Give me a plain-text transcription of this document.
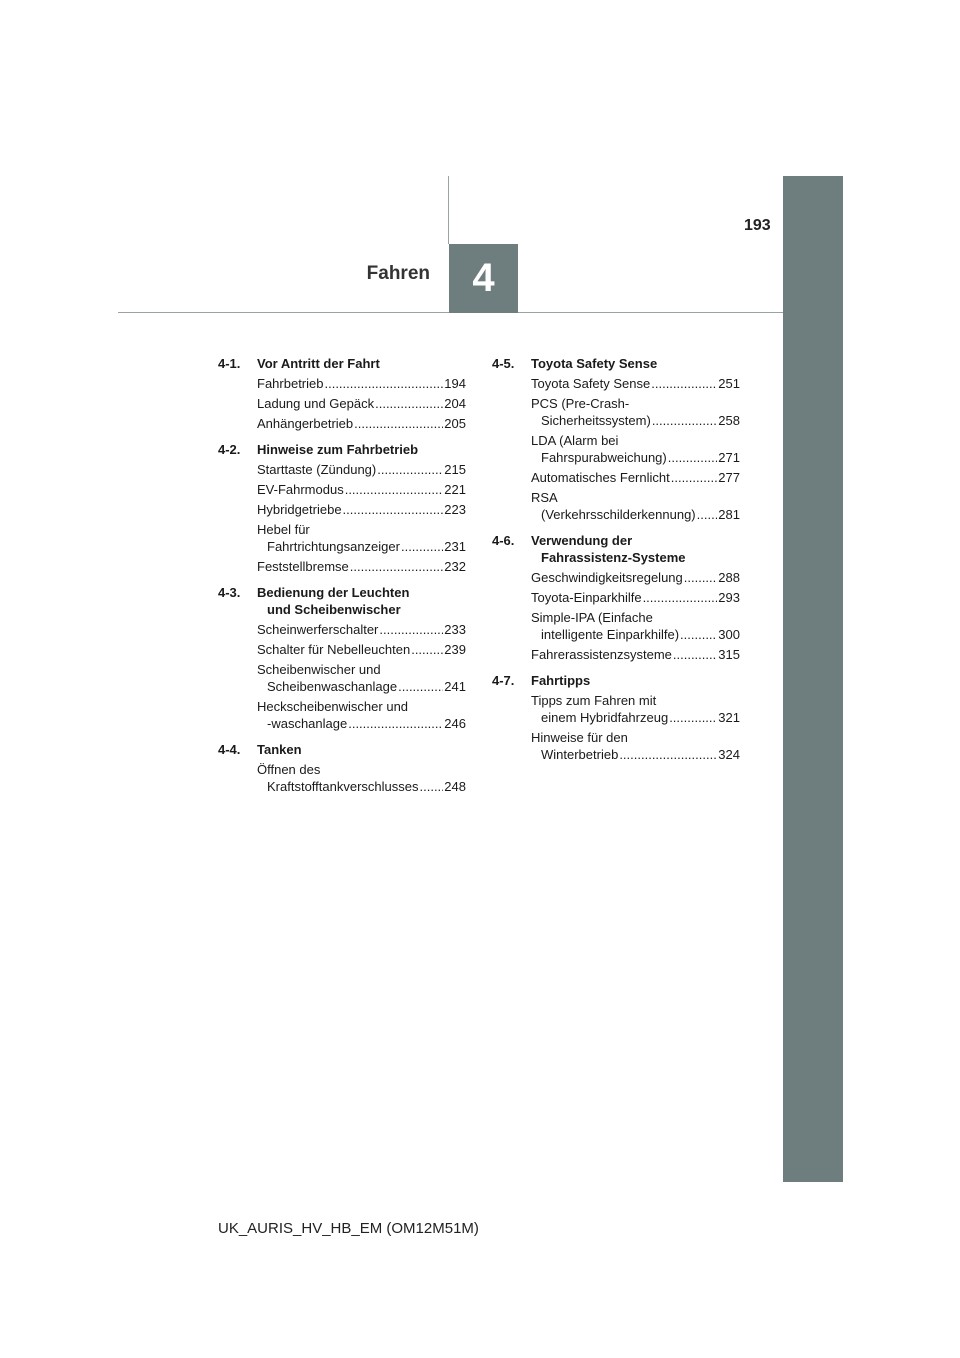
193
Fahren 4
4-1.	Vor Antritt der Fahrt
Fahrbetrieb .....	194
Ladung und Gepäck .....	204
Anhängerbetrieb .....	205
4-2.	Hinweise zum Fahrbetrieb
Starttaste (Zündung) .....	215
EV-Fahrmodus .....	221
Hybridgetriebe .....	223
Hebel für
Fahrtrichtungsanzeiger .....	231
Feststellbremse .....	232
4-3.	Bedienung der Leuchten
und Scheibenwischer
Scheinwerferschalter .....	233
Schalter für Nebelleuchten .....	239
Scheibenwischer und
Scheibenwaschanlage .....	241
Heckscheibenwischer und
-waschanlage .....	246
4-4.	Tanken
Öffnen des
Kraftstofftankverschlusses ..... 248
4-5.	Toyota Safety Sense
Toyota Safety Sense .....	251
PCS (Pre-Crash-
Sicherheitssystem) .....	258
LDA (Alarm bei
Fahrspurabweichung) .....	271
Automatisches Fernlicht .....	277
RSA
(Verkehrsschilderkennung) ..... 281
4-6.	Verwendung der
Fahrassistenz-Systeme
Geschwindigkeitsregelung .....	288
Toyota-Einparkhilfe .....	293
Simple-IPA (Einfache
intelligente Einparkhilfe) .....	300
Fahrerassistenzsysteme .....	315
4-7.	Fahrtipps
Tipps zum Fahren mit
einem Hybridfahrzeug .....	321
Hinweise für den
Winterbetrieb .....	324
UK_AURIS_HV_HB_EM (OM12M51M)
